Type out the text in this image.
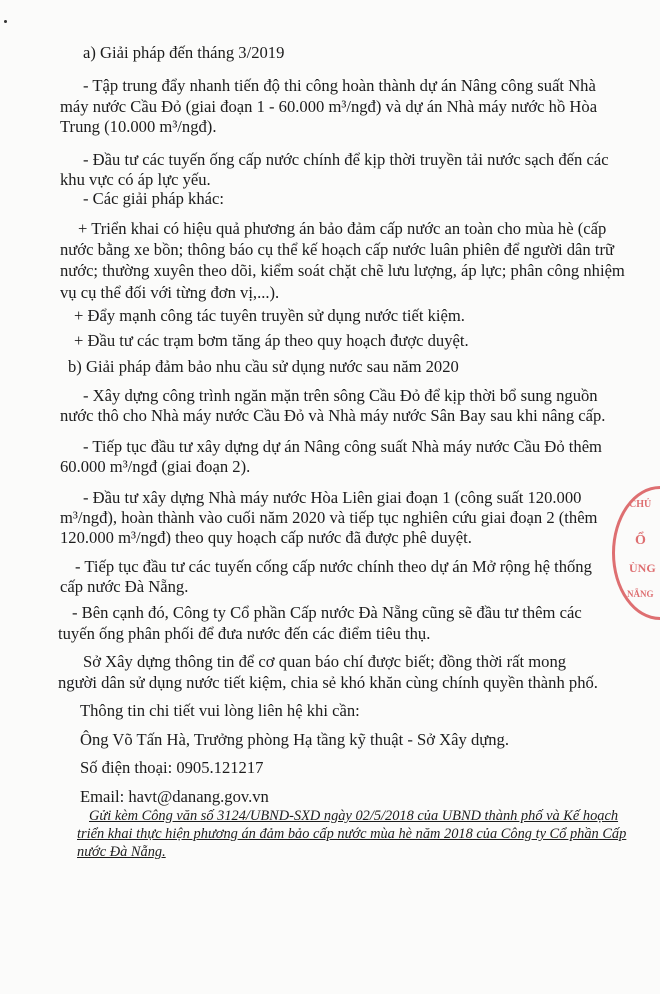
a) Giải pháp đến tháng 3/2019
- Tập trung đẩy nhanh tiến độ thi công hoàn thành dự án Nâng công suất Nhà
máy nước Cầu Đỏ (giai đoạn 1 - 60.000 m³/ngđ) và dự án Nhà máy nước hồ Hòa
Trung (10.000 m³/ngđ).
- Đầu tư các tuyến ống cấp nước chính để kịp thời truyền tải nước sạch đến các
khu vực có áp lực yếu.
- Các giải pháp khác:
+ Triển khai có hiệu quả phương án bảo đảm cấp nước an toàn cho mùa hè (cấp
nước bằng xe bồn; thông báo cụ thể kế hoạch cấp nước luân phiên để người dân trữ
nước; thường xuyên theo dõi, kiểm soát chặt chẽ lưu lượng, áp lực; phân công nhiệm
vụ cụ thể đối với từng đơn vị,...).
+ Đẩy mạnh công tác tuyên truyền sử dụng nước tiết kiệm.
+ Đầu tư các trạm bơm tăng áp theo quy hoạch được duyệt.
b) Giải pháp đảm bảo nhu cầu sử dụng nước sau năm 2020
- Xây dựng công trình ngăn mặn trên sông Cầu Đỏ để kịp thời bổ sung nguồn
nước thô cho Nhà máy nước Cầu Đỏ và Nhà máy nước Sân Bay sau khi nâng cấp.
- Tiếp tục đầu tư xây dựng dự án Nâng công suất Nhà máy nước Cầu Đỏ thêm
60.000 m³/ngđ (giai đoạn 2).
- Đầu tư xây dựng Nhà máy nước Hòa Liên giai đoạn 1 (công suất 120.000
m³/ngđ), hoàn thành vào cuối năm 2020 và tiếp tục nghiên cứu giai đoạn 2 (thêm
120.000 m³/ngđ) theo quy hoạch cấp nước đã được phê duyệt.
- Tiếp tục đầu tư các tuyến cống cấp nước chính theo dự án Mở rộng hệ thống
cấp nước Đà Nẵng.
- Bên cạnh đó, Công ty Cổ phần Cấp nước Đà Nẵng cũng sẽ đầu tư thêm các
tuyến ống phân phối để đưa nước đến các điểm tiêu thụ.
Sở Xây dựng thông tin để cơ quan báo chí được biết; đồng thời rất mong
người dân sử dụng nước tiết kiệm, chia sẻ khó khăn cùng chính quyền thành phố.
Thông tin chi tiết vui lòng liên hệ khi cần:
Ông Võ Tấn Hà, Trưởng phòng Hạ tầng kỹ thuật - Sở Xây dựng.
Số điện thoại: 0905.121217
Email: havt@danang.gov.vn
Gửi kèm Công văn số 3124/UBND-SXD ngày 02/5/2018 của UBND thành phố và Kế hoạch
triển khai thực hiện phương án đảm bảo cấp nước mùa hè năm 2018 của Công ty Cổ phần Cấp
nước Đà Nẵng.
CHỦ
Ổ
ÙNG
NẴNG
